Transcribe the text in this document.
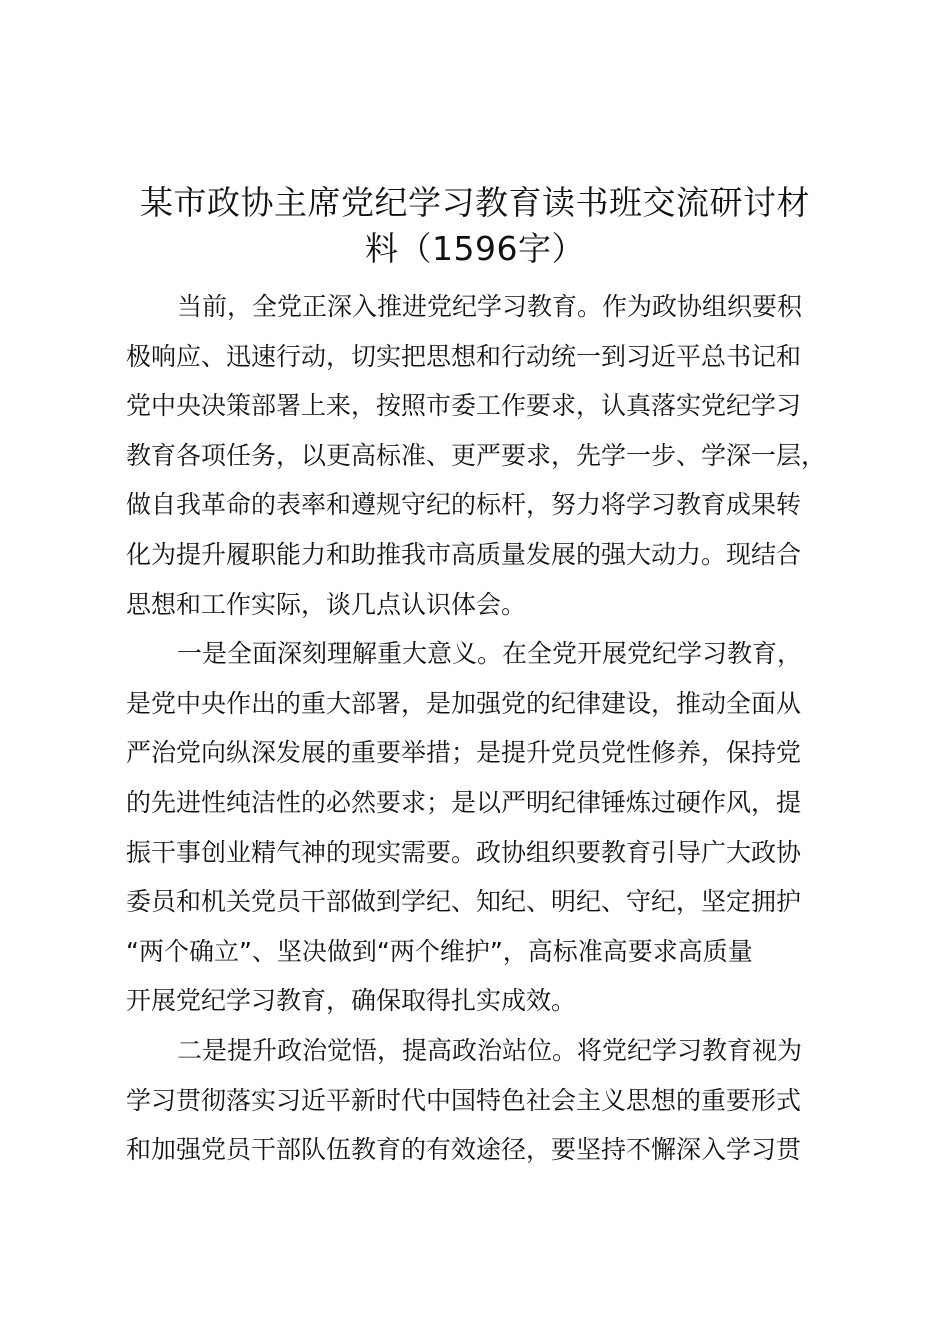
某市政协主席党纪学习教育读书班交流研讨材
料（1596字）
当前，全党正深入推进党纪学习教育。作为政协组织要积
极响应、迅速行动，切实把思想和行动统一到习近平总书记和
党中央决策部署上来，按照市委工作要求，认真落实党纪学习
教育各项任务，以更高标准、更严要求，先学一步、学深一层，
做自我革命的表率和遵规守纪的标杆，努力将学习教育成果转
化为提升履职能力和助推我市高质量发展的强大动力。现结合
思想和工作实际，谈几点认识体会。
一是全面深刻理解重大意义。在全党开展党纪学习教育，
是党中央作出的重大部署，是加强党的纪律建设，推动全面从
严治党向纵深发展的重要举措；是提升党员党性修养，保持党
的先进性纯洁性的必然要求；是以严明纪律锤炼过硬作风，提
振干事创业精气神的现实需要。政协组织要教育引导广大政协
委员和机关党员干部做到学纪、知纪、明纪、守纪，坚定拥护
“两个确立”、坚决做到“两个维护”，高标准高要求高质量
开展党纪学习教育，确保取得扎实成效。
二是提升政治觉悟，提高政治站位。将党纪学习教育视为
学习贯彻落实习近平新时代中国特色社会主义思想的重要形式
和加强党员干部队伍教育的有效途径，要坚持不懈深入学习贯
